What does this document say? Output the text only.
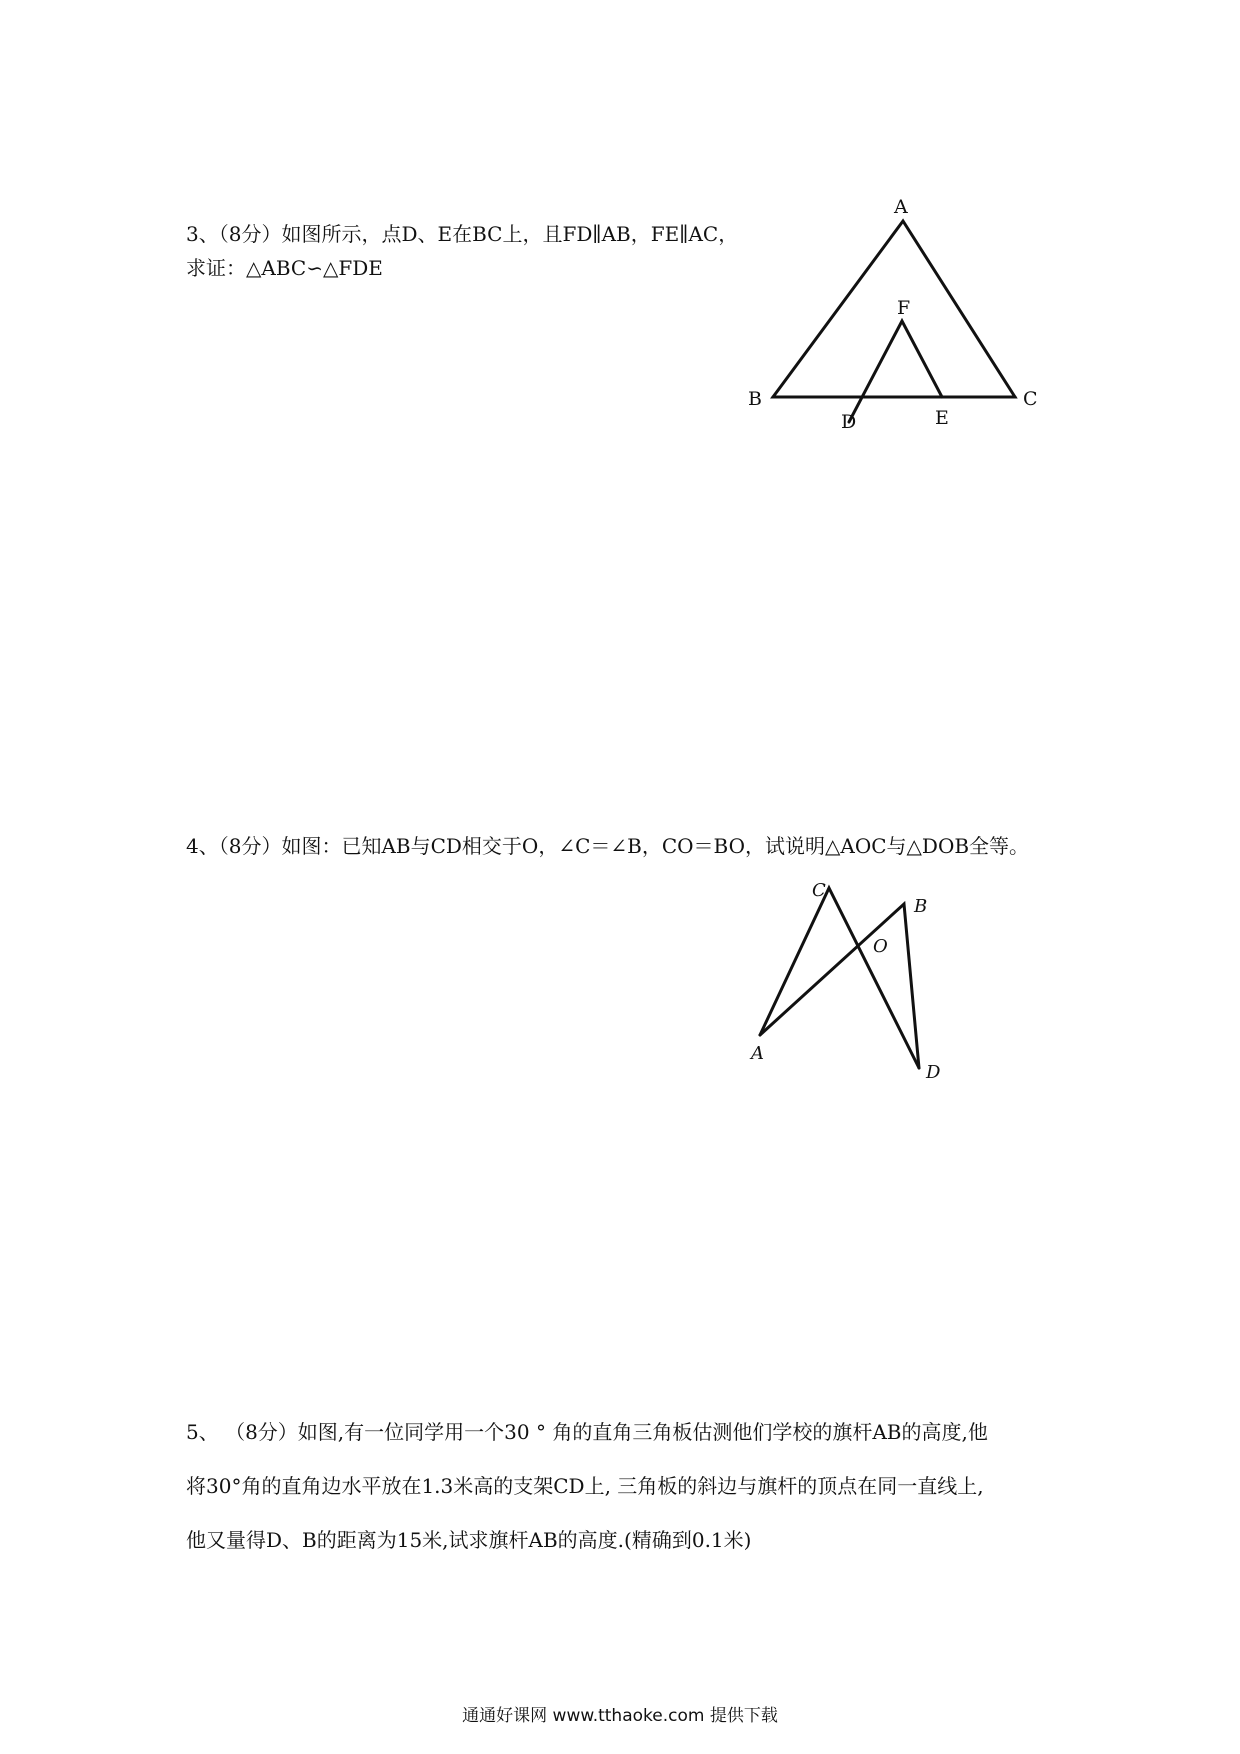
3、（8分）如图所示，点D、E在BC上，且FD∥AB，FE∥AC，
求证：△ABC∽△FDE
A
F
B	C
D	E
4、（8分）如图：已知AB与CD相交于O，∠C＝∠B，CO＝BO，试说明△AOC与△DOB全等。
C
B
O
A
D
5、 （8分）如图,有一位同学用一个30 ° 角的直角三角板估测他们学校的旗杆AB的高度,他
将30°角的直角边水平放在1.3米高的支架CD上, 三角板的斜边与旗杆的顶点在同一直线上,
他又量得D、B的距离为15米,试求旗杆AB的高度.(精确到0.1米)
通通好课网 www.tthaoke.com 提供下载
